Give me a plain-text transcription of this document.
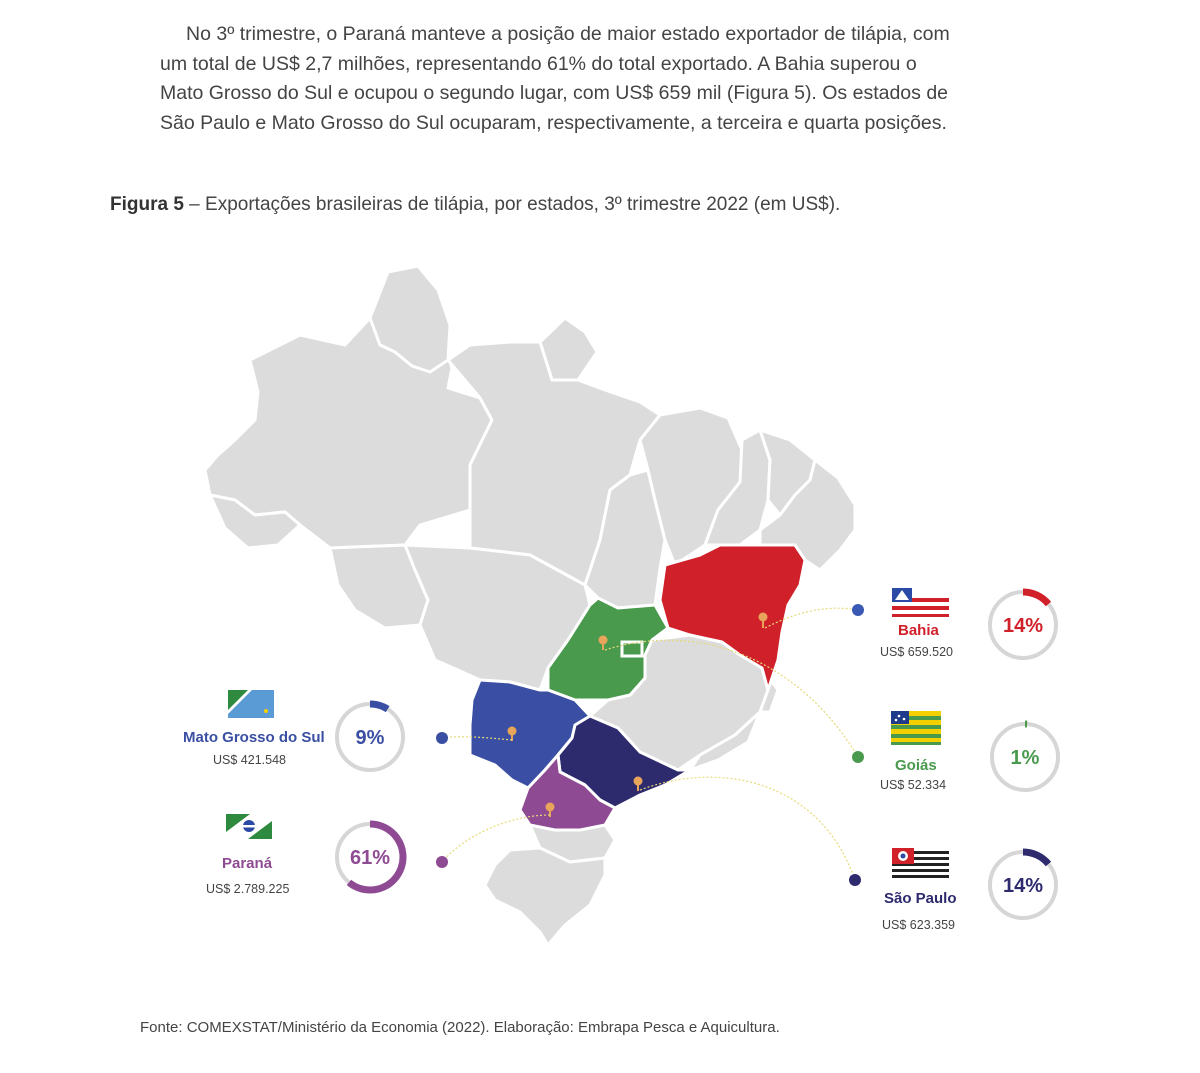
No 3º trimestre, o Paraná manteve a posição de maior estado exportador de tilápia, com
um total de US$ 2,7 milhões, representando 61% do total exportado. A Bahia superou o
Mato Grosso do Sul e ocupou o segundo lugar, com US$ 659 mil (Figura 5). Os estados de
São Paulo e Mato Grosso do Sul ocuparam, respectivamente, a terceira e quarta posições.
Figura 5 – Exportações brasileiras de tilápia, por estados, 3º trimestre 2022 (em US$).
14%
1%
14%
9%
61%
Bahia
US$ 659.520
Goiás
US$ 52.334
São Paulo
US$ 623.359
Mato Grosso do Sul
US$ 421.548
Paraná
US$ 2.789.225
Fonte: COMEXSTAT/Ministério da Economia (2022). Elaboração: Embrapa Pesca e Aquicultura.
